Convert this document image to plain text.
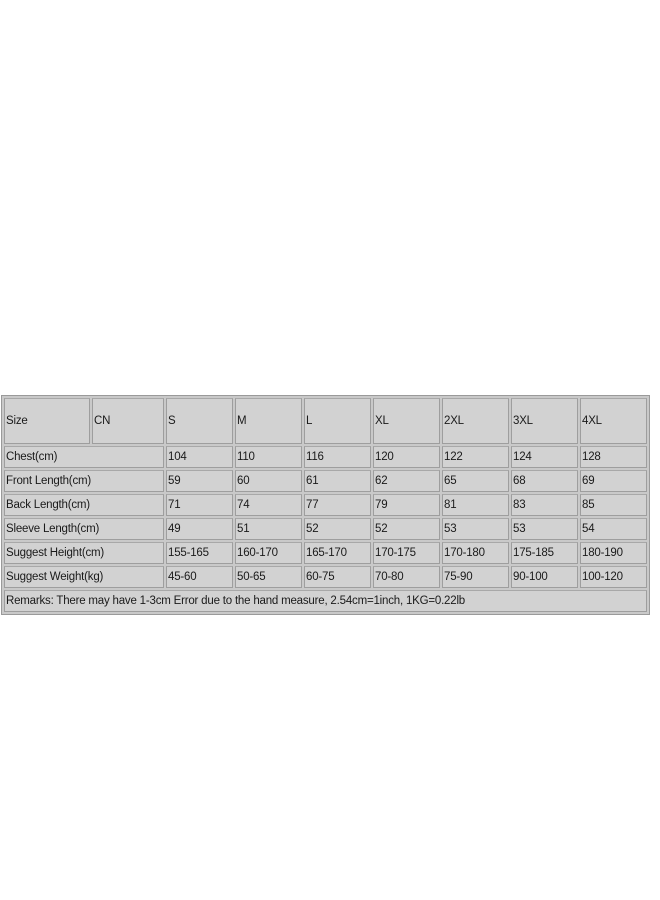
Size	CN	S	M	L	XL	2XL	3XL	4XL
Chest(cm)		104	110	116	120	122	124	128
Front Length(cm)		59	60	61	62	65	68	69
Back Length(cm)		71	74	77	79	81	83	85
Sleeve Length(cm)		49	51	52	52	53	53	54
Suggest Height(cm)		155-165	160-170	165-170	170-175	170-180	175-185	180-190
Suggest Weight(kg)		45-60	50-65	60-75	70-80	75-90	90-100	100-120
Remarks: There may have 1-3cm Error due to the hand measure, 2.54cm=1inch, 1KG=0.22lb								
